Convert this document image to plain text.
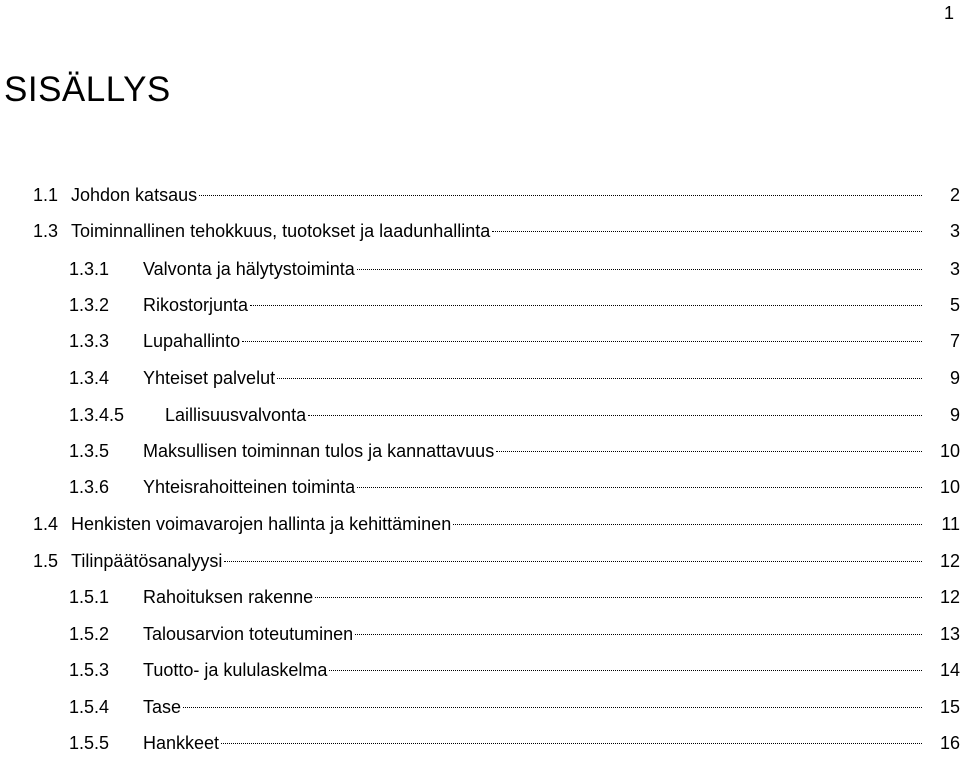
1
SISÄLLYS
1.1 Johdon katsaus	2
1.3 Toiminnallinen tehokkuus, tuotokset ja laadunhallinta	3
1.3.1	Valvonta ja hälytystoiminta	3
1.3.2	Rikostorjunta	5
1.3.3	Lupahallinto	7
1.3.4	Yhteiset palvelut	9
1.3.4.5	Laillisuusvalvonta	9
1.3.5	Maksullisen toiminnan tulos ja kannattavuus	10
1.3.6	Yhteisrahoitteinen toiminta	10
1.4 Henkisten voimavarojen hallinta ja kehittäminen	11
1.5 Tilinpäätösanalyysi	12
1.5.1	Rahoituksen rakenne	12
1.5.2	Talousarvion toteutuminen	13
1.5.3	Tuotto- ja kululaskelma	14
1.5.4	Tase	15
1.5.5	Hankkeet	16
